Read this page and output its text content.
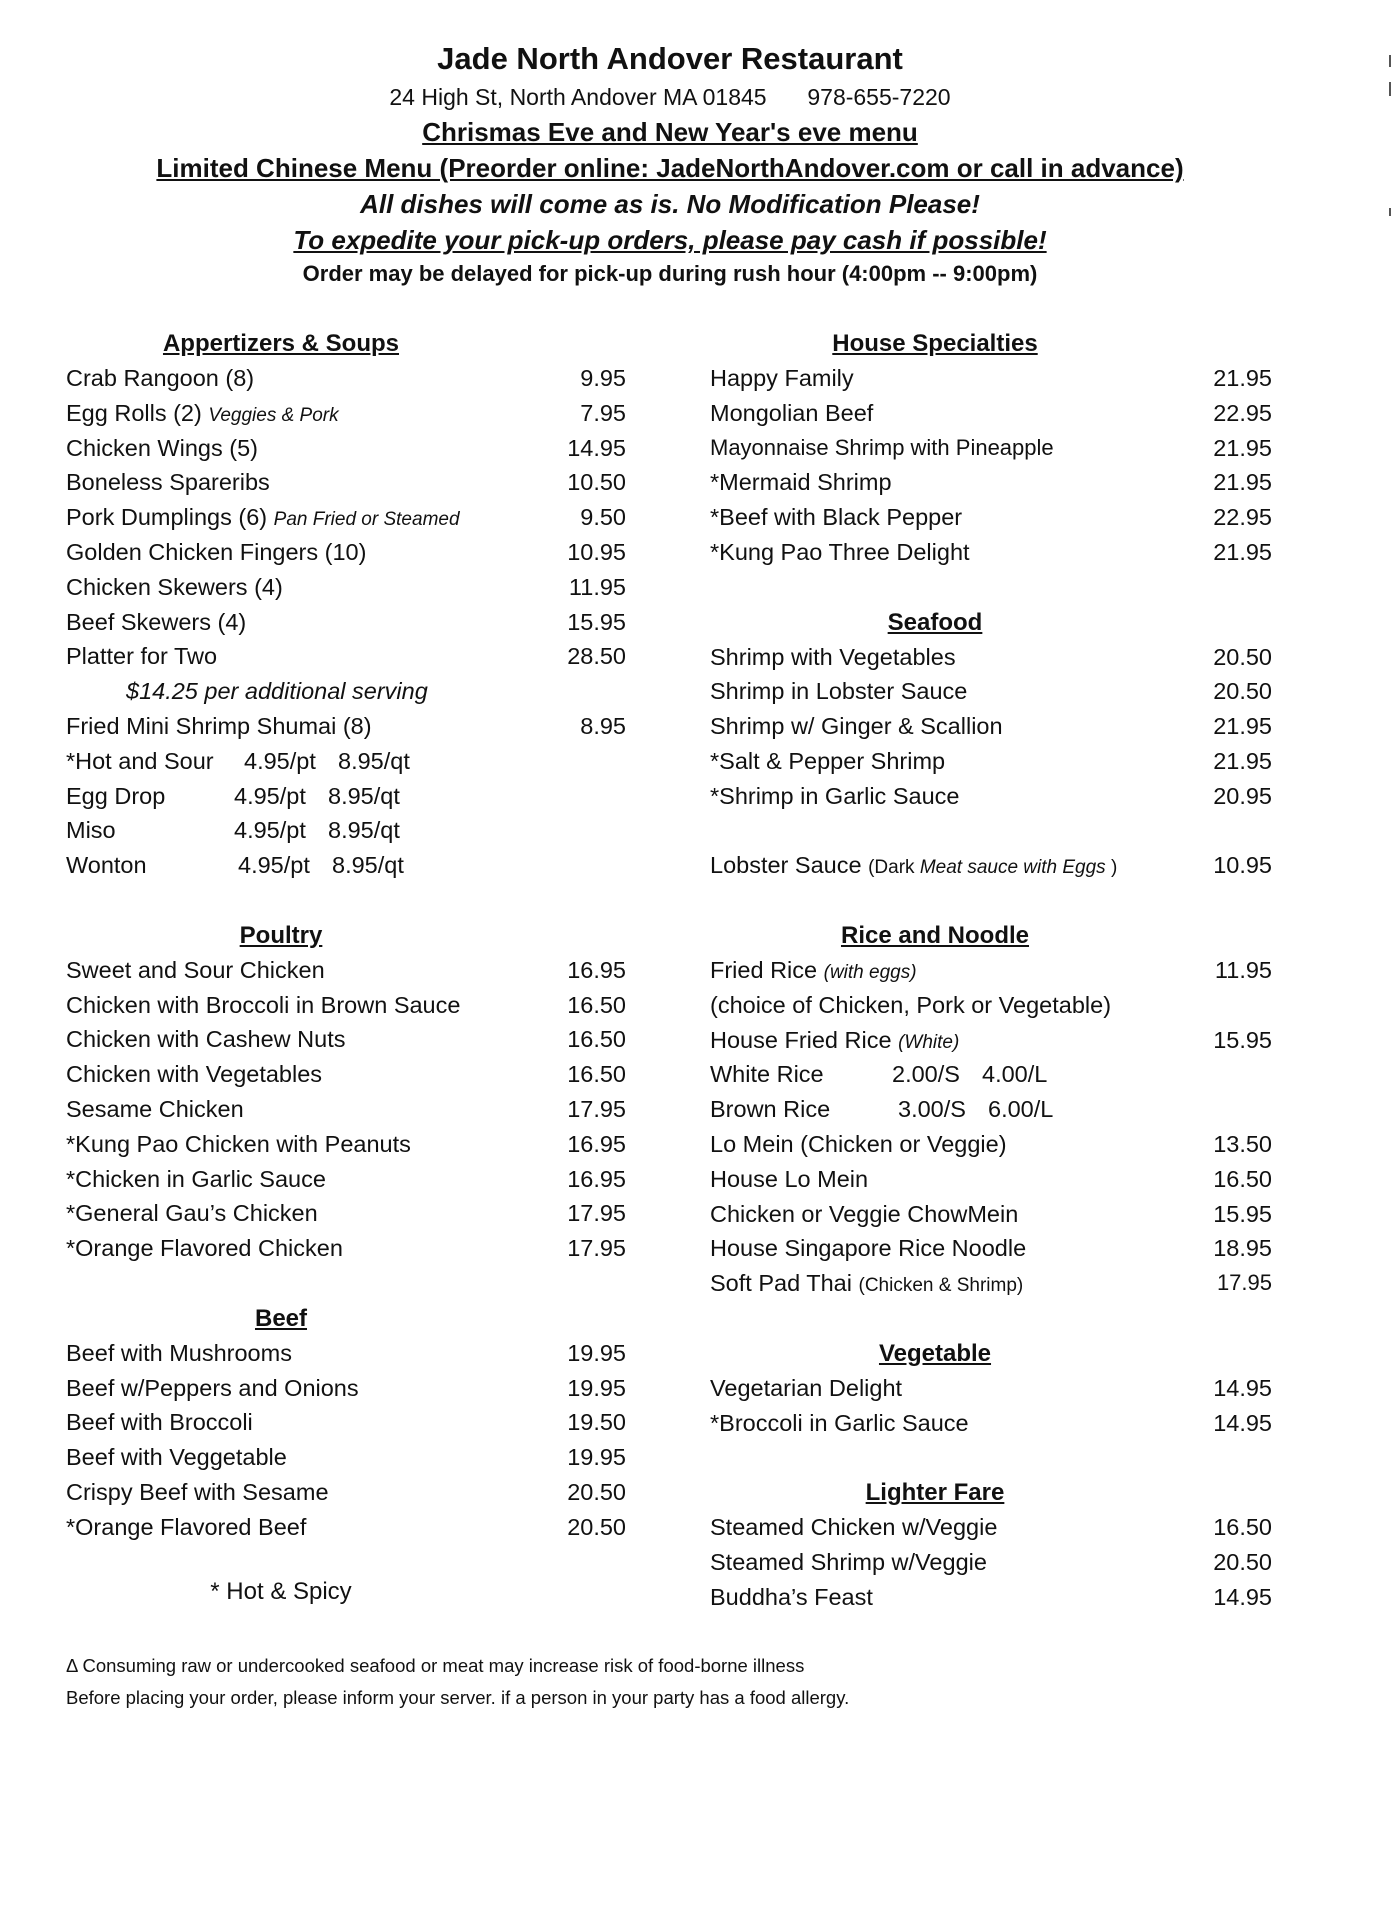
Jade North Andover Restaurant
24 High St, North Andover MA 01845 978-655-7220
Chrismas Eve and New Year's eve menu
Limited Chinese Menu (Preorder online: JadeNorthAndover.com or call in advance)
All dishes will come as is. No Modification Please!
To expedite your pick-up orders, please pay cash if possible!
Order may be delayed for pick-up during rush hour (4:00pm -- 9:00pm)
Appertizers & Soups
Crab Rangoon (8)	9.95
Egg Rolls (2) Veggies & Pork	7.95
Chicken Wings (5)	14.95
Boneless Spareribs	10.50
Pork Dumplings (6) Pan Fried or Steamed	9.50
Golden Chicken Fingers (10)	10.95
Chicken Skewers (4)	11.95
Beef Skewers (4)	15.95
Platter for Two	28.50
$14.25 per additional serving
Fried Mini Shrimp Shumai (8)	8.95
*Hot and Sour 4.95/pt 8.95/qt
Egg Drop	4.95/pt 8.95/qt
Miso	4.95/pt 8.95/qt
Wonton	4.95/pt 8.95/qt
Poultry
Sweet and Sour Chicken	16.95
Chicken with Broccoli in Brown Sauce	16.50
Chicken with Cashew Nuts	16.50
Chicken with Vegetables	16.50
Sesame Chicken	17.95
*Kung Pao Chicken with Peanuts	16.95
*Chicken in Garlic Sauce	16.95
*General Gau’s Chicken	17.95
*Orange Flavored Chicken	17.95
Beef
Beef with Mushrooms	19.95
Beef w/Peppers and Onions	19.95
Beef with Broccoli	19.50
Beef with Veggetable	19.95
Crispy Beef with Sesame	20.50
*Orange Flavored Beef	20.50
* Hot & Spicy
House Specialties
Happy Family	21.95
Mongolian Beef	22.95
Mayonnaise Shrimp with Pineapple	21.95
*Mermaid Shrimp	21.95
*Beef with Black Pepper	22.95
*Kung Pao Three Delight	21.95
Seafood
Shrimp with Vegetables	20.50
Shrimp in Lobster Sauce	20.50
Shrimp w/ Ginger & Scallion	21.95
*Salt & Pepper Shrimp	21.95
*Shrimp in Garlic Sauce	20.95
Lobster Sauce (Dark Meat sauce with Eggs )	10.95
Rice and Noodle
Fried Rice (with eggs)	11.95
(choice of Chicken, Pork or Vegetable)
House Fried Rice (White)	15.95
White Rice	2.00/S 4.00/L
Brown Rice	3.00/S 6.00/L
Lo Mein (Chicken or Veggie)	13.50
House Lo Mein	16.50
Chicken or Veggie ChowMein	15.95
House Singapore Rice Noodle	18.95
Soft Pad Thai (Chicken & Shrimp)	17.95
Vegetable
Vegetarian Delight	14.95
*Broccoli in Garlic Sauce	14.95
Lighter Fare
Steamed Chicken w/Veggie	16.50
Steamed Shrimp w/Veggie	20.50
Buddha’s Feast	14.95
Δ Consuming raw or undercooked seafood or meat may increase risk of food-borne illness
Before placing your order, please inform your server. if a person in your party has a food allergy.
